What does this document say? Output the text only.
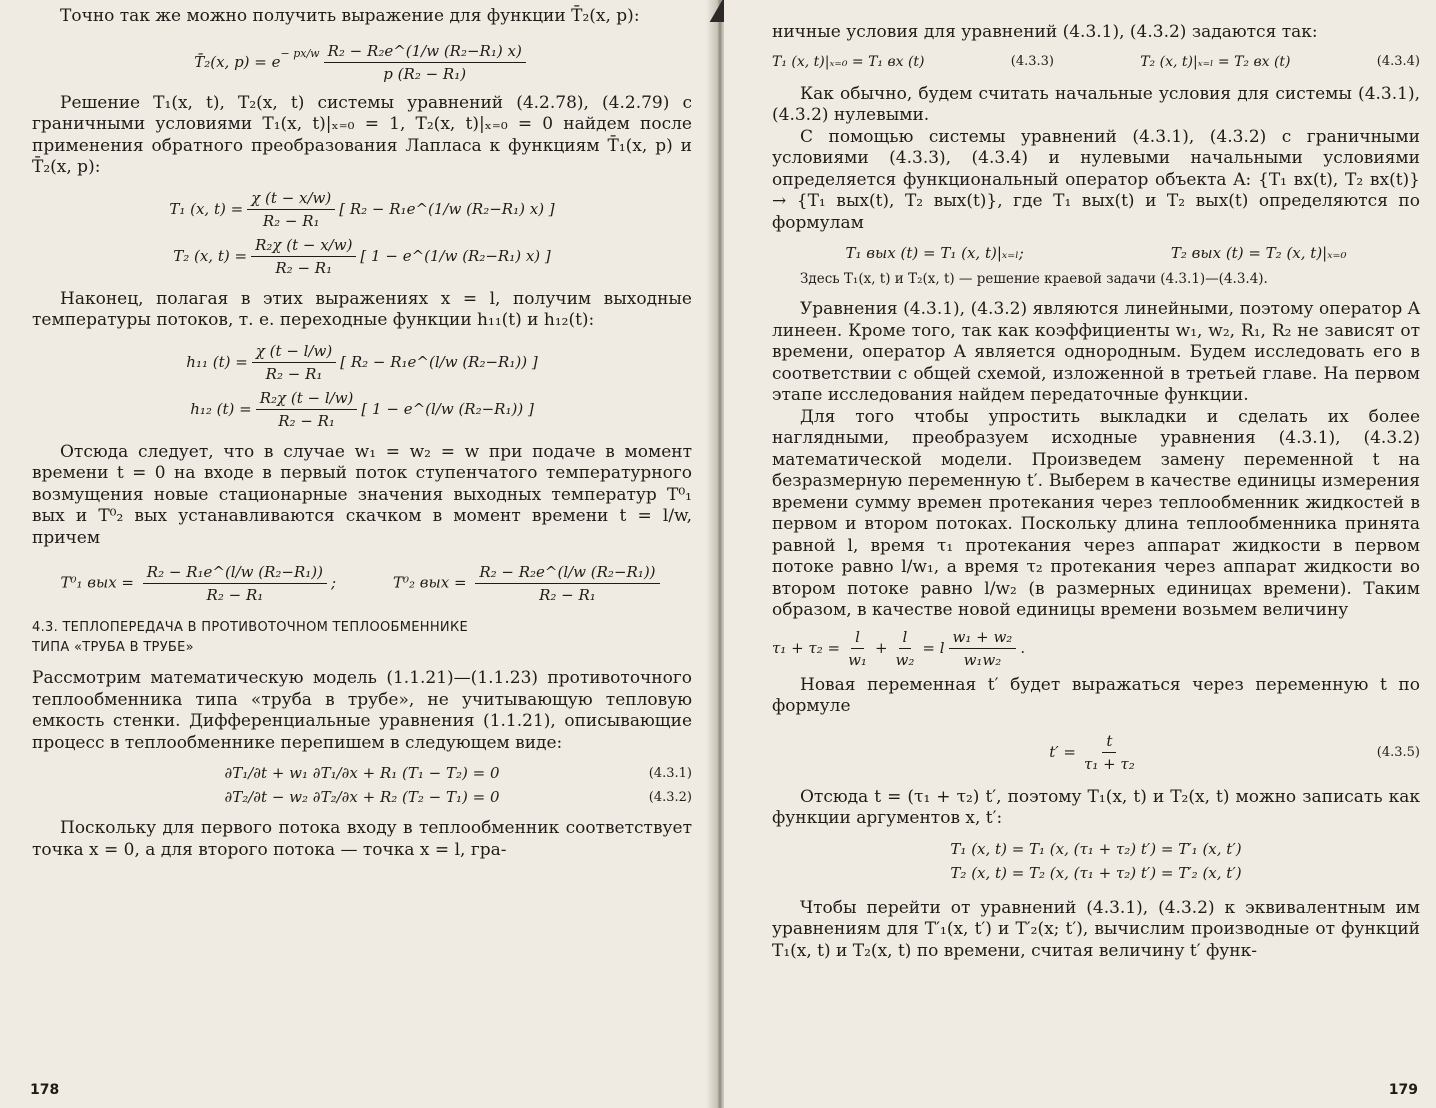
Точно так же можно получить выражение для функции T̄₂(x, p):

T̄₂(x, $p) = e^{- px/w} \frac{\text{R₂ − R₂e\textasciicircum{}(1/w (R₂−R₁) x)}}{\text{p (R₂ − R₁)}}$

Решение T₁(x, t), T₂(x, t) системы уравнений (4.2.78), (4.2.79) с граничными условиями T₁(x, t)|ₓ₌₀ = 1, T₂(x, t)|ₓ₌₀ = 0 найдем после применения обратного преобразования Лапласа к функциям T̄₁(x, p) и T̄₂(x, p):

T₁ (x, $t) = \frac{\chi (t - x/w)}{\text{R₂ − R₁}}$ [ R₂ − R₁e^(1/w (R₂−R₁) x) ]
T₂ (x, $t) = \frac{\text{R₂χ (t − x/w)}}{\text{R₂ − R₁}}$ [ 1 − e^(1/w (R₂−R₁) x) ]

Наконец, полагая в этих выражениях x = l, получим выходные температуры потоков, т. е. переходные функции h₁₁(t) и h₁₂(t):

h₁₁ $(t) = \frac{\chi (t - l/w)}{\text{R₂ − R₁}}$ [ R₂ − R₁e^(l/w (R₂−R₁)) ]
h₁₂ $(t) = \frac{\text{R₂χ (t − l/w)}}{\text{R₂ − R₁}}$ [ 1 − e^(l/w (R₂−R₁)) ]

Отсюда следует, что в случае w₁ = w₂ = w при подаче в момент времени t = 0 на входе в первый поток ступенчатого температурного возмущения новые стационарные значения выходных температур T⁰₁ вых и T⁰₂ вых устанавливаются скачком в момент времени t = l/w, причем

T⁰₁ вых = $\frac{\text{R₂ − R₁e\textasciicircum{}(l/w (R₂−R₁))}}{\text{R₂ − R₁}}$ ;	T⁰₂ вых = $\frac{\text{R₂ − R₂e\textasciicircum{}(l/w (R₂−R₁))}}{\text{R₂ − R₁}}$
4.3. ТЕПЛОПЕРЕДАЧА В ПРОТИВОТОЧНОМ ТЕПЛООБМЕННИКЕ
ТИПА «ТРУБА В ТРУБЕ»

Рассмотрим математическую модель (1.1.21)—(1.1.23) противоточного теплообменника типа «труба в трубе», не учитывающую тепловую емкость стенки. Дифференциальные уравнения (1.1.21), описывающие процесс в теплообменнике перепишем в следующем виде:

∂T₁/∂t + w₁ ∂T₁/∂x + R₁ (T₁ − T₂) = 0	(4.3.1)
∂T₂/∂t − w₂ ∂T₂/∂x + R₂ (T₂ − T₁) = 0	(4.3.2)

Поскольку для первого потока входу в теплообменник соответствует точка x = 0, а для второго потока — точка x = l, гра-

178

ничные условия для уравнений (4.3.1), (4.3.2) задаются так:

T₁ (x, t)|ₓ₌₀ = T₁ вх (t)	(4.3.3)	T₂ (x, t)|ₓ₌ₗ = T₂ вх (t)	(4.3.4)

Как обычно, будем считать начальные условия для системы (4.3.1), (4.3.2) нулевыми.

С помощью системы уравнений (4.3.1), (4.3.2) с граничными условиями (4.3.3), (4.3.4) и нулевыми начальными условиями определяется функциональный оператор объекта A: {T₁ вх(t), T₂ вх(t)} → {T₁ вых(t), T₂ вых(t)}, где T₁ вых(t) и T₂ вых(t) определяются по формулам

T₁ вых (t) = T₁ (x, t)|ₓ₌ₗ;	T₂ вых (t) = T₂ (x, t)|ₓ₌₀

Здесь T₁(x, t) и T₂(x, t) — решение краевой задачи (4.3.1)—(4.3.4).

Уравнения (4.3.1), (4.3.2) являются линейными, поэтому оператор A линеен. Кроме того, так как коэффициенты w₁, w₂, R₁, R₂ не зависят от времени, оператор A является однородным. Будем исследовать его в соответствии с общей схемой, изложенной в третьей главе. На первом этапе исследования найдем передаточные функции.

Для того чтобы упростить выкладки и сделать их более наглядными, преобразуем исходные уравнения (4.3.1), (4.3.2) математической модели. Произведем замену переменной t на безразмерную переменную t′. Выберем в качестве единицы измерения времени сумму времен протекания через теплообменник жидкостей в первом и втором потоках. Поскольку длина теплообменника принята равной l, время τ₁ протекания через аппарат жидкости в первом потоке равно l/w₁, а время τ₂ протекания через аппарат жидкости во втором потоке равно l/w₂ (в размерных единицах времени). Таким образом, в качестве новой единицы времени возьмем величину

$\tau_1 + \tau_2 = \frac{l}{\text{w₁}} + \frac{l}{\text{w₂}} = l \frac{\text{w₁ + w₂}}{\text{w₁w₂}}$ .

Новая переменная t′ будет выражаться через переменную t по формуле

$t' = \frac{t}{\text{τ₁ + τ₂}}$	(4.3.5)

Отсюда t = (τ₁ + τ₂) t′, поэтому T₁(x, t) и T₂(x, t) можно записать как функции аргументов x, t′:

T₁ (x, t) = T₁ (x, (τ₁ + τ₂) t′) = T′₁ (x, t′)
T₂ (x, t) = T₂ (x, (τ₁ + τ₂) t′) = T′₂ (x, t′)

Чтобы перейти от уравнений (4.3.1), (4.3.2) к эквивалентным им уравнениям для T′₁(x, t′) и T′₂(x; t′), вычислим производные от функций T₁(x, t) и T₂(x, t) по времени, считая величину t′ функ-

179
